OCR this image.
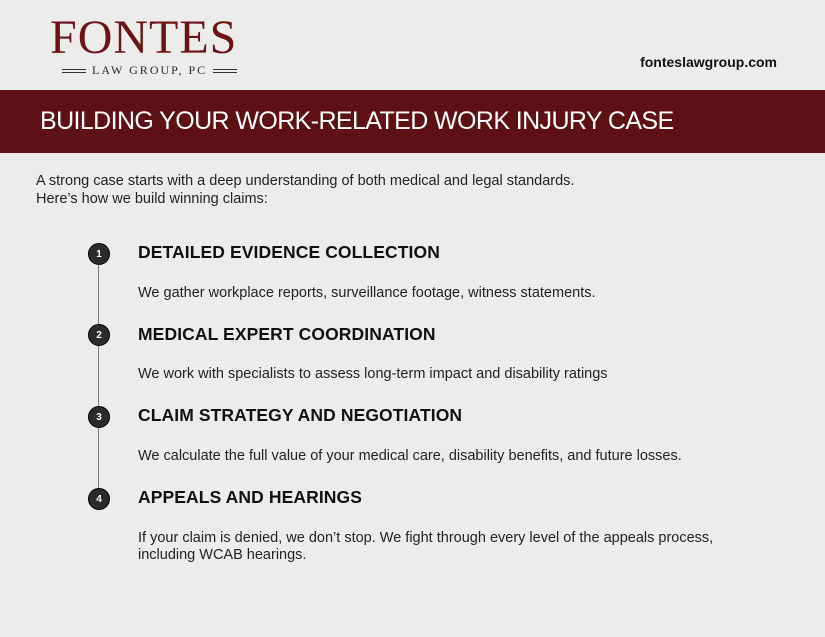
FONTES
LAW GROUP, PC	fonteslawgroup.com
BUILDING YOUR WORK-RELATED WORK INJURY CASE
A strong case starts with a deep understanding of both medical and legal standards.
Here’s how we build winning claims:
1	DETAILED EVIDENCE COLLECTION
We gather workplace reports, surveillance footage, witness statements.
2	MEDICAL EXPERT COORDINATION
We work with specialists to assess long-term impact and disability ratings
3	CLAIM STRATEGY AND NEGOTIATION
We calculate the full value of your medical care, disability benefits, and future losses.
4	APPEALS AND HEARINGS
If your claim is denied, we don’t stop. We fight through every level of the appeals process, including WCAB hearings.
